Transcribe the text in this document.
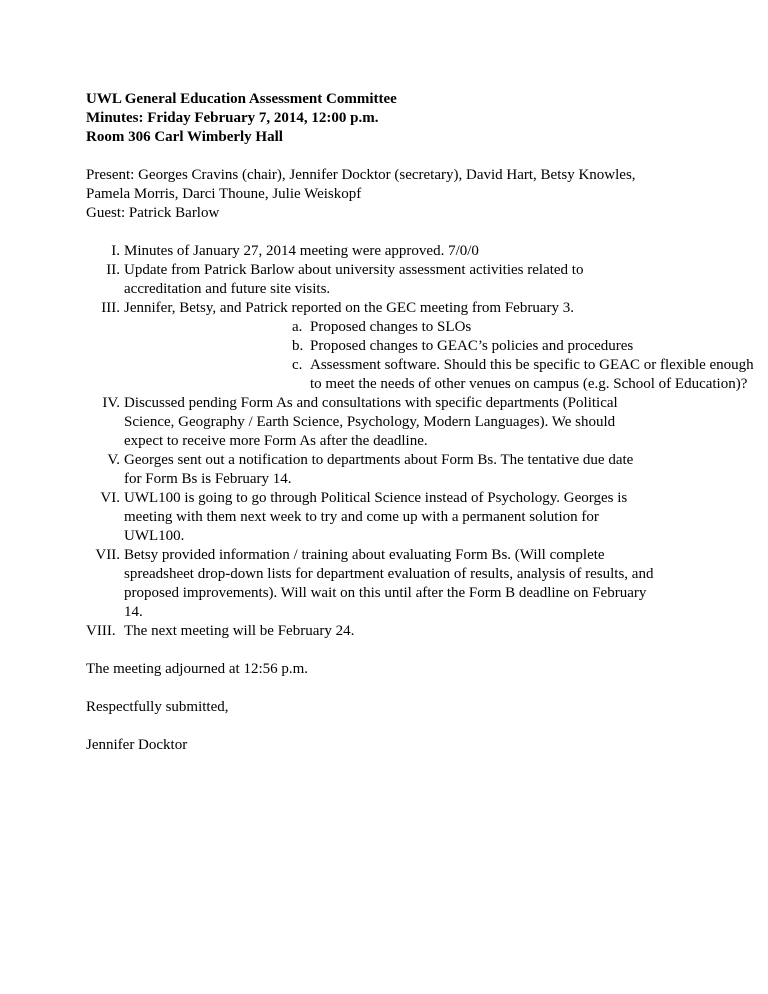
UWL General Education Assessment Committee
Minutes: Friday February 7, 2014, 12:00 p.m.
Room 306 Carl Wimberly Hall
Present: Georges Cravins (chair), Jennifer Docktor (secretary), David Hart, Betsy Knowles,
Pamela Morris, Darci Thoune, Julie Weiskopf
Guest: Patrick Barlow
I. Minutes of January 27, 2014 meeting were approved. 7/0/0
II. Update from Patrick Barlow about university assessment activities related to
accreditation and future site visits.
III. Jennifer, Betsy, and Patrick reported on the GEC meeting from February 3.
a. Proposed changes to SLOs
b. Proposed changes to GEAC’s policies and procedures
c. Assessment software. Should this be specific to GEAC or flexible enough
to meet the needs of other venues on campus (e.g. School of Education)?
IV. Discussed pending Form As and consultations with specific departments (Political
Science, Geography / Earth Science, Psychology, Modern Languages). We should
expect to receive more Form As after the deadline.
V. Georges sent out a notification to departments about Form Bs. The tentative due date
for Form Bs is February 14.
VI. UWL100 is going to go through Political Science instead of Psychology. Georges is
meeting with them next week to try and come up with a permanent solution for
UWL100.
VII. Betsy provided information / training about evaluating Form Bs. (Will complete
spreadsheet drop-down lists for department evaluation of results, analysis of results, and
proposed improvements). Will wait on this until after the Form B deadline on February
14.
VIII. The next meeting will be February 24.
The meeting adjourned at 12:56 p.m.
Respectfully submitted,
Jennifer Docktor
